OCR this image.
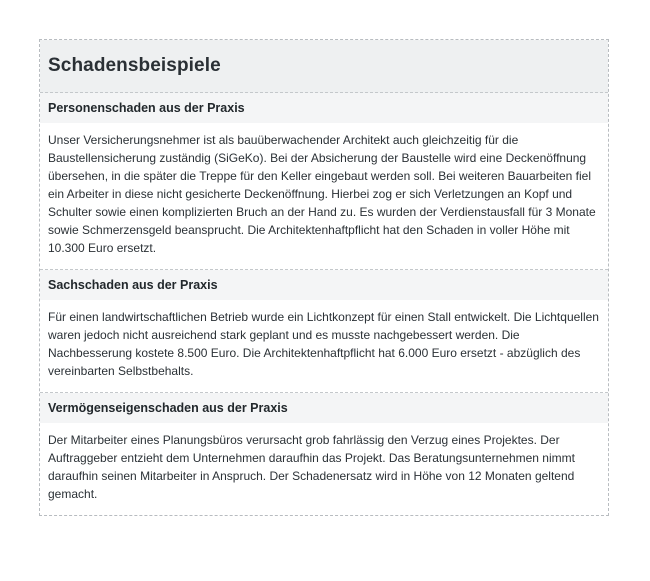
Schadensbeispiele
Personenschaden aus der Praxis

Unser Versicherungsnehmer ist als bauüberwachender Architekt auch gleichzeitig für die Baustellensicherung zuständig (SiGeKo). Bei der Absicherung der Baustelle wird eine Deckenöffnung übersehen, in die später die Treppe für den Keller eingebaut werden soll. Bei weiteren Bauarbeiten fiel ein Arbeiter in diese nicht gesicherte Deckenöffnung. Hierbei zog er sich Verletzungen an Kopf und Schulter sowie einen komplizierten Bruch an der Hand zu. Es wurden der Verdienstausfall für 3 Monate sowie Schmerzensgeld beansprucht. Die Architektenhaftpflicht hat den Schaden in voller Höhe mit 10.300 Euro ersetzt.

Sachschaden aus der Praxis

Für einen landwirtschaftlichen Betrieb wurde ein Lichtkonzept für einen Stall entwickelt. Die Lichtquellen waren jedoch nicht ausreichend stark geplant und es musste nachgebessert werden. Die Nachbesserung kostete 8.500 Euro. Die Architektenhaftpflicht hat 6.000 Euro ersetzt - abzüglich des vereinbarten Selbstbehalts.

Vermögenseigenschaden aus der Praxis

Der Mitarbeiter eines Planungsbüros verursacht grob fahrlässig den Verzug eines Projektes. Der Auftraggeber entzieht dem Unternehmen daraufhin das Projekt. Das Beratungsunternehmen nimmt daraufhin seinen Mitarbeiter in Anspruch. Der Schadenersatz wird in Höhe von 12 Monaten geltend gemacht.
